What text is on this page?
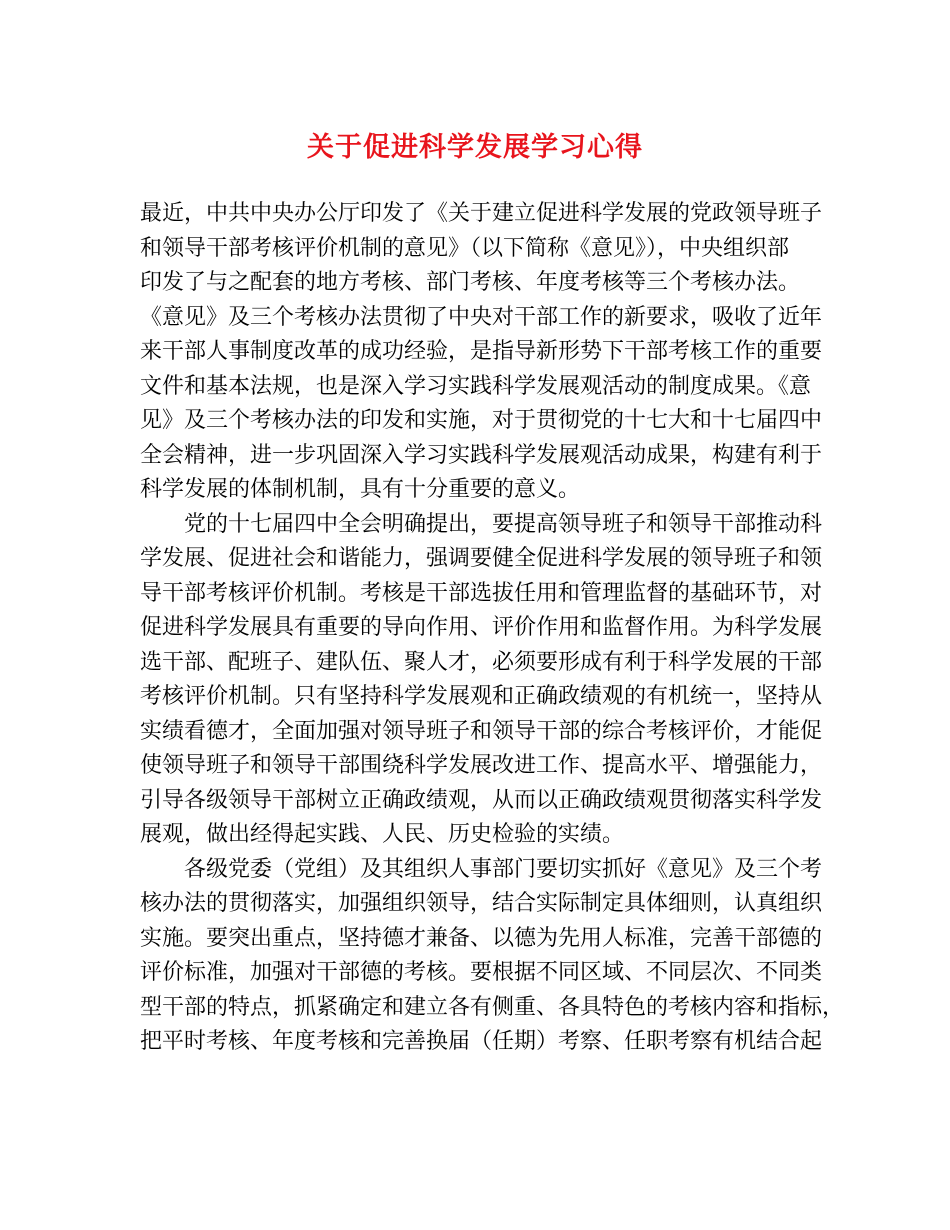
关于促进科学发展学习心得
最近，中共中央办公厅印发了《关于建立促进科学发展的党政领导班子
和领导干部考核评价机制的意见》（以下简称《意见》），中央组织部
印发了与之配套的地方考核、部门考核、年度考核等三个考核办法。
《意见》及三个考核办法贯彻了中央对干部工作的新要求，吸收了近年
来干部人事制度改革的成功经验，是指导新形势下干部考核工作的重要
文件和基本法规，也是深入学习实践科学发展观活动的制度成果。《意
见》及三个考核办法的印发和实施，对于贯彻党的十七大和十七届四中
全会精神，进一步巩固深入学习实践科学发展观活动成果，构建有利于
科学发展的体制机制，具有十分重要的意义。
　　党的十七届四中全会明确提出，要提高领导班子和领导干部推动科
学发展、促进社会和谐能力，强调要健全促进科学发展的领导班子和领
导干部考核评价机制。考核是干部选拔任用和管理监督的基础环节，对
促进科学发展具有重要的导向作用、评价作用和监督作用。为科学发展
选干部、配班子、建队伍、聚人才，必须要形成有利于科学发展的干部
考核评价机制。只有坚持科学发展观和正确政绩观的有机统一，坚持从
实绩看德才，全面加强对领导班子和领导干部的综合考核评价，才能促
使领导班子和领导干部围绕科学发展改进工作、提高水平、增强能力，
引导各级领导干部树立正确政绩观，从而以正确政绩观贯彻落实科学发
展观，做出经得起实践、人民、历史检验的实绩。
　　各级党委（党组）及其组织人事部门要切实抓好《意见》及三个考
核办法的贯彻落实，加强组织领导，结合实际制定具体细则，认真组织
实施。要突出重点，坚持德才兼备、以德为先用人标准，完善干部德的
评价标准，加强对干部德的考核。要根据不同区域、不同层次、不同类
型干部的特点，抓紧确定和建立各有侧重、各具特色的考核内容和指标，
把平时考核、年度考核和完善换届（任期）考察、任职考察有机结合起
